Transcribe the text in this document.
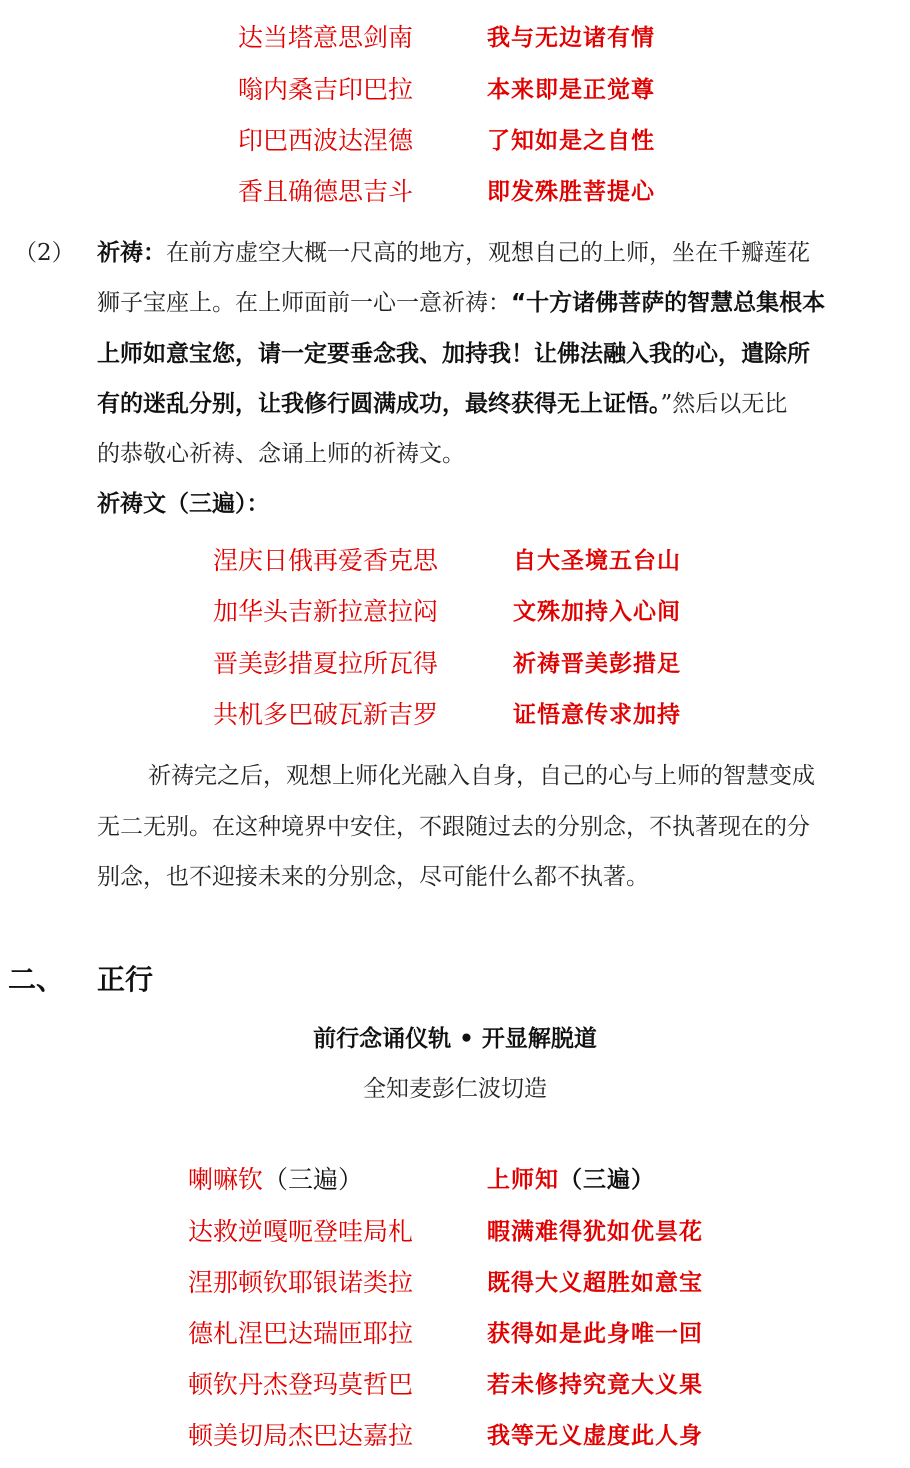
达当塔意思剑南	我与无边诸有情
嗡内桑吉印巴拉	本来即是正觉尊
印巴西波达涅德	了知如是之自性
香且确德思吉斗	即发殊胜菩提心
（2） 祈祷：在前方虚空大概一尺高的地方，观想自己的上师，坐在千瓣莲花
狮子宝座上。在上师面前一心一意祈祷：“十方诸佛菩萨的智慧总集根本
上师如意宝您，请一定要垂念我、加持我！让佛法融入我的心，遣除所
有的迷乱分别，让我修行圆满成功，最终获得无上证悟。”然后以无比
的恭敬心祈祷、念诵上师的祈祷文。
祈祷文（三遍）：
涅庆日俄再爱香克思	自大圣境五台山
加华头吉新拉意拉闷	文殊加持入心间
晋美彭措夏拉所瓦得	祈祷晋美彭措足
共机多巴破瓦新吉罗	证悟意传求加持
祈祷完之后，观想上师化光融入自身，自己的心与上师的智慧变成
无二无别。在这种境界中安住，不跟随过去的分别念，不执著现在的分
别念，也不迎接未来的分别念，尽可能什么都不执著。
二、 正行
前行念诵仪轨 • 开显解脱道
全知麦彭仁波切造
喇嘛钦（三遍）	上师知（三遍）
达救逆嘎呃登哇局札	暇满难得犹如优昙花
涅那顿钦耶银诺类拉	既得大义超胜如意宝
德札涅巴达瑞匝耶拉	获得如是此身唯一回
顿钦丹杰登玛莫哲巴	若未修持究竟大义果
顿美切局杰巴达嘉拉	我等无义虚度此人身
